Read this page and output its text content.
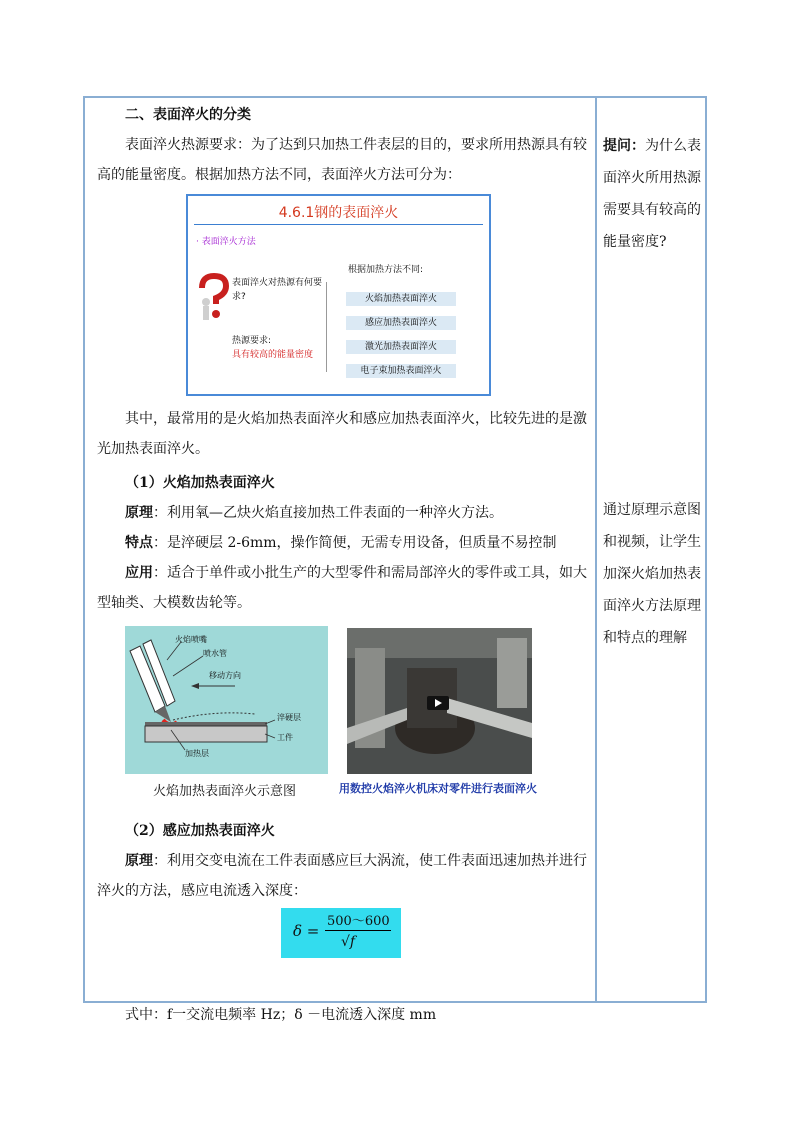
二、表面淬火的分类

表面淬火热源要求：为了达到只加热工件表层的目的，要求所用热源具有较高的能量密度。根据加热方法不同，表面淬火方法可分为：

其中，最常用的是火焰加热表面淬火和感应加热表面淬火，比较先进的是激光加热表面淬火。

（1）火焰加热表面淬火

原理：利用氧—乙炔火焰直接加热工件表面的一种淬火方法。

特点：是淬硬层 2-6mm，操作简便，无需专用设备，但质量不易控制

应用：适合于单件或小批生产的大型零件和需局部淬火的零件或工具，如大型轴类、大模数齿轮等。

（2）感应加热表面淬火

原理：利用交变电流在工件表面感应巨大涡流，使工件表面迅速加热并进行淬火的方法，感应电流透入深度：

式中：f一交流电频率 Hz；δ －电流透入深度 mm

4.6.1钢的表面淬火
· 表面淬火方法
表面淬火对热源有何要求?
热源要求:
具有较高的能量密度
根据加热方法不同:
火焰加热表面淬火
感应加热表面淬火
激光加热表面淬火
电子束加热表面淬火
火焰喷嘴
喷水管
移动方向
淬硬层
工件
加热层
火焰加热表面淬火示意图	用数控火焰淬火机床对零件进行表面淬火
δ =
500～600
√f

提问：为什么表面淬火所用热源需要具有较高的能量密度?

通过原理示意图和视频，让学生加深火焰加热表面淬火方法原理和特点的理解
